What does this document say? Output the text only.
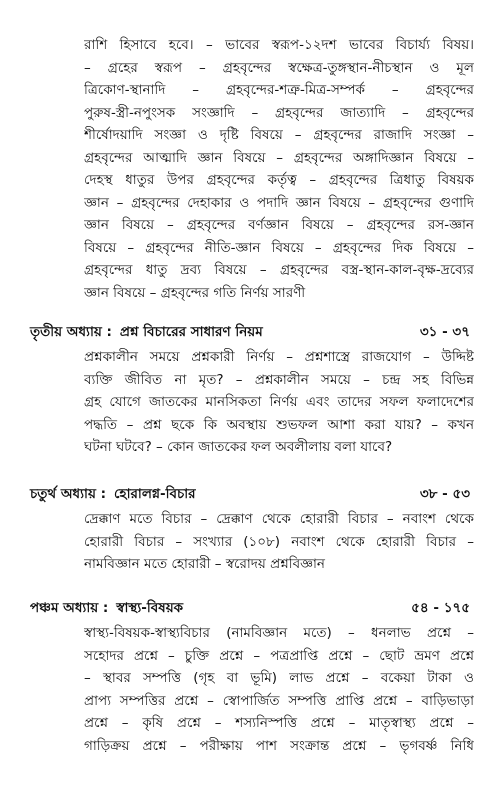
রাশি হিসাবে হবে। – ভাবের স্বরূপ-১২দশ ভাবের বিচার্য্য বিষয়।
– গ্রহের স্বরূপ – গ্রহবৃন্দের স্বক্ষেত্র-তুঙ্গস্থান-নীচস্থান ও মূল
ত্রিকোণ-স্থানাদি – গ্রহবৃন্দের-শত্রু-মিত্র-সম্পর্ক – গ্রহবৃন্দের
পুরুষ-স্ত্রী-নপুংসক সংজ্ঞাদি – গ্রহবৃন্দের জাত্যাদি – গ্রহবৃন্দের
শীর্ষোদয়াদি সংজ্ঞা ও দৃষ্টি বিষয়ে – গ্রহবৃন্দের রাজাদি সংজ্ঞা –
গ্রহবৃন্দের আত্মাদি জ্ঞান বিষয়ে – গ্রহবৃন্দের অঙ্গাদিজ্ঞান বিষয়ে –
দেহস্থ ধাতুর উপর গ্রহবৃন্দের কর্তৃত্ব – গ্রহবৃন্দের ত্রিধাতু বিষয়ক
জ্ঞান – গ্রহবৃন্দের দেহাকার ও পদাদি জ্ঞান বিষয়ে – গ্রহবৃন্দের গুণাদি
জ্ঞান বিষয়ে – গ্রহবৃন্দের বর্ণজ্ঞান বিষয়ে – গ্রহবৃন্দের রস-জ্ঞান
বিষয়ে – গ্রহবৃন্দের নীতি-জ্ঞান বিষয়ে – গ্রহবৃন্দের দিক বিষয়ে –
গ্রহবৃন্দের ধাতু দ্রব্য বিষয়ে – গ্রহবৃন্দের বস্ত্র-স্থান-কাল-বৃক্ষ-দ্রব্যের
জ্ঞান বিষয়ে – গ্রহবৃন্দের গতি নির্ণয় সারণী
তৃতীয় অধ্যায় : প্রশ্ন বিচারের সাধারণ নিয়ম	৩১ - ৩৭
প্রশ্নকালীন সময়ে প্রশ্নকারী নির্ণয় – প্রশ্নশাস্ত্রে রাজযোগ – উদ্দিষ্ট
ব্যক্তি জীবিত না মৃত? – প্রশ্নকালীন সময়ে – চন্দ্র সহ বিভিন্ন
গ্রহ যোগে জাতকের মানসিকতা নির্ণয় এবং তাদের সফল ফলাদেশের
পদ্ধতি – প্রশ্ন ছকে কি অবস্থায় শুভফল আশা করা যায়? – কখন
ঘটনা ঘটবে? – কোন জাতকের ফল অবলীলায় বলা যাবে?
চতুর্থ অধ্যায় : হোরালগ্ন-বিচার	৩৮ - ৫৩
দ্রেক্কাণ মতে বিচার – দ্রেক্কাণ থেকে হোরারী বিচার – নবাংশ থেকে
হোরারী বিচার – সংখ্যার (১০৮) নবাংশ থেকে হোরারী বিচার –
নামবিজ্ঞান মতে হোরারী – স্বরোদয় প্রশ্নবিজ্ঞান
পঞ্চম অধ্যায় : স্বাস্থ্য-বিষয়ক	৫৪ - ১৭৫
স্বাস্থ্য-বিষয়ক-স্বাস্থ্যবিচার (নামবিজ্ঞান মতে) – ধনলাভ প্রশ্নে –
সহোদর প্রশ্নে – চুক্তি প্রশ্নে – পত্রপ্রাপ্তি প্রশ্নে – ছোট ভ্রমণ প্রশ্নে
– স্থাবর সম্পত্তি (গৃহ বা ভূমি) লাভ প্রশ্নে – বকেয়া টাকা ও
প্রাপ্য সম্পত্তির প্রশ্নে – স্বোপার্জিত সম্পত্তি প্রাপ্তি প্রশ্নে – বাড়িভাড়া
প্রশ্নে – কৃষি প্রশ্নে – শস্যনিস্পত্তি প্রশ্নে – মাতৃস্বাস্থ্য প্রশ্নে –
গাড়িক্রয় প্রশ্নে – পরীক্ষায় পাশ সংক্রান্ত প্রশ্নে – ভৃগবর্ষ্ণ নিধি
